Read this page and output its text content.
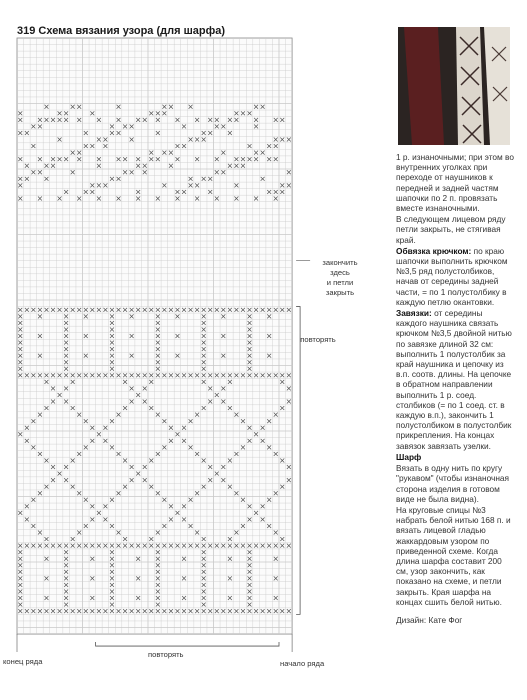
319 Схема вязания узора (для шарфа)
закончить
здесь
и петли
закрыть
повторять
конец ряда
повторять
начало ряда

1 р. изнаночными; при этом во внутренних уголках при переходе от наушников к передней и задней частям шапочки по 2 п. провязать вместе изнаночными.

В следующем лицевом ряду петли закрыть, не стягивая край.

Обвязка крючком: по краю шапочки выполнить крючком №3,5 ряд полустолбиков, начав от середины задней части, = по 1 полустолбику в каждую петлю окантовки.

Завязки: от середины каждого наушника связать крючком №3,5 двойной нитью по завязке длиной 32 см: выполнить 1 полустолбик за край наушника и цепочку из в.п. соотв. длины. На цепочке в обратном направлении выполнить 1 р. соед. столбиков (= по 1 соед. ст. в каждую в.п.), закончить 1 полустолбиком в полустолбик прикрепления. На концах завязок завязать узелки.

Шарф

Вязать в одну нить по кругу "рукавом" (чтобы изнаночная сторона изделия в готовом виде не была видна).

На круговые спицы №3 набрать белой нитью 168 п. и вязать лицевой гладью жаккардовым узором по приведенной схеме. Когда длина шарфа составит 200 см, узор закончить, как показано на схеме, и петли закрыть. Края шарфа на концах сшить белой нитью.

Дизайн: Кате Фог
